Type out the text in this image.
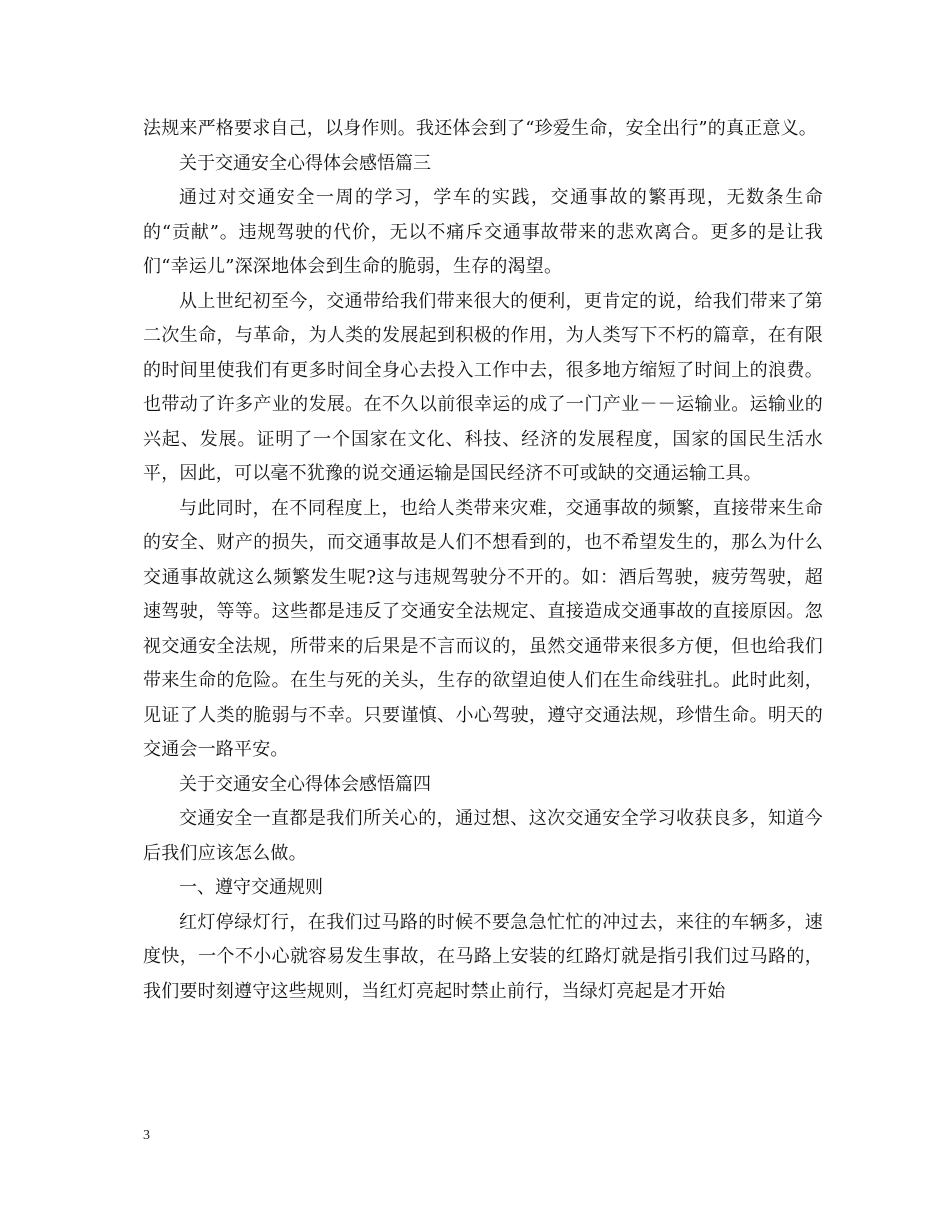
法规来严格要求自己，以身作则。我还体会到了“珍爱生命，安全出行”的真正意义。

关于交通安全心得体会感悟篇三

通过对交通安全一周的学习，学车的实践，交通事故的繁再现，无数条生命的“贡献”。违规驾驶的代价，无以不痛斥交通事故带来的悲欢离合。更多的是让我们“幸运儿”深深地体会到生命的脆弱，生存的渴望。

从上世纪初至今，交通带给我们带来很大的便利，更肯定的说，给我们带来了第二次生命，与革命，为人类的发展起到积极的作用，为人类写下不朽的篇章，在有限的时间里使我们有更多时间全身心去投入工作中去，很多地方缩短了时间上的浪费。也带动了许多产业的发展。在不久以前很幸运的成了一门产业－－运输业。运输业的兴起、发展。证明了一个国家在文化、科技、经济的发展程度，国家的国民生活水平，因此，可以毫不犹豫的说交通运输是国民经济不可或缺的交通运输工具。

与此同时，在不同程度上，也给人类带来灾难，交通事故的频繁，直接带来生命的安全、财产的损失，而交通事故是人们不想看到的，也不希望发生的，那么为什么交通事故就这么频繁发生呢?这与违规驾驶分不开的。如：酒后驾驶，疲劳驾驶，超速驾驶，等等。这些都是违反了交通安全法规定、直接造成交通事故的直接原因。忽视交通安全法规，所带来的后果是不言而议的，虽然交通带来很多方便，但也给我们带来生命的危险。在生与死的关头，生存的欲望迫使人们在生命线驻扎。此时此刻，见证了人类的脆弱与不幸。只要谨慎、小心驾驶，遵守交通法规，珍惜生命。明天的交通会一路平安。

关于交通安全心得体会感悟篇四

交通安全一直都是我们所关心的，通过想、这次交通安全学习收获良多，知道今后我们应该怎么做。

一、遵守交通规则

红灯停绿灯行，在我们过马路的时候不要急急忙忙的冲过去，来往的车辆多，速度快，一个不小心就容易发生事故，在马路上安装的红路灯就是指引我们过马路的，我们要时刻遵守这些规则，当红灯亮起时禁止前行，当绿灯亮起是才开始

3
